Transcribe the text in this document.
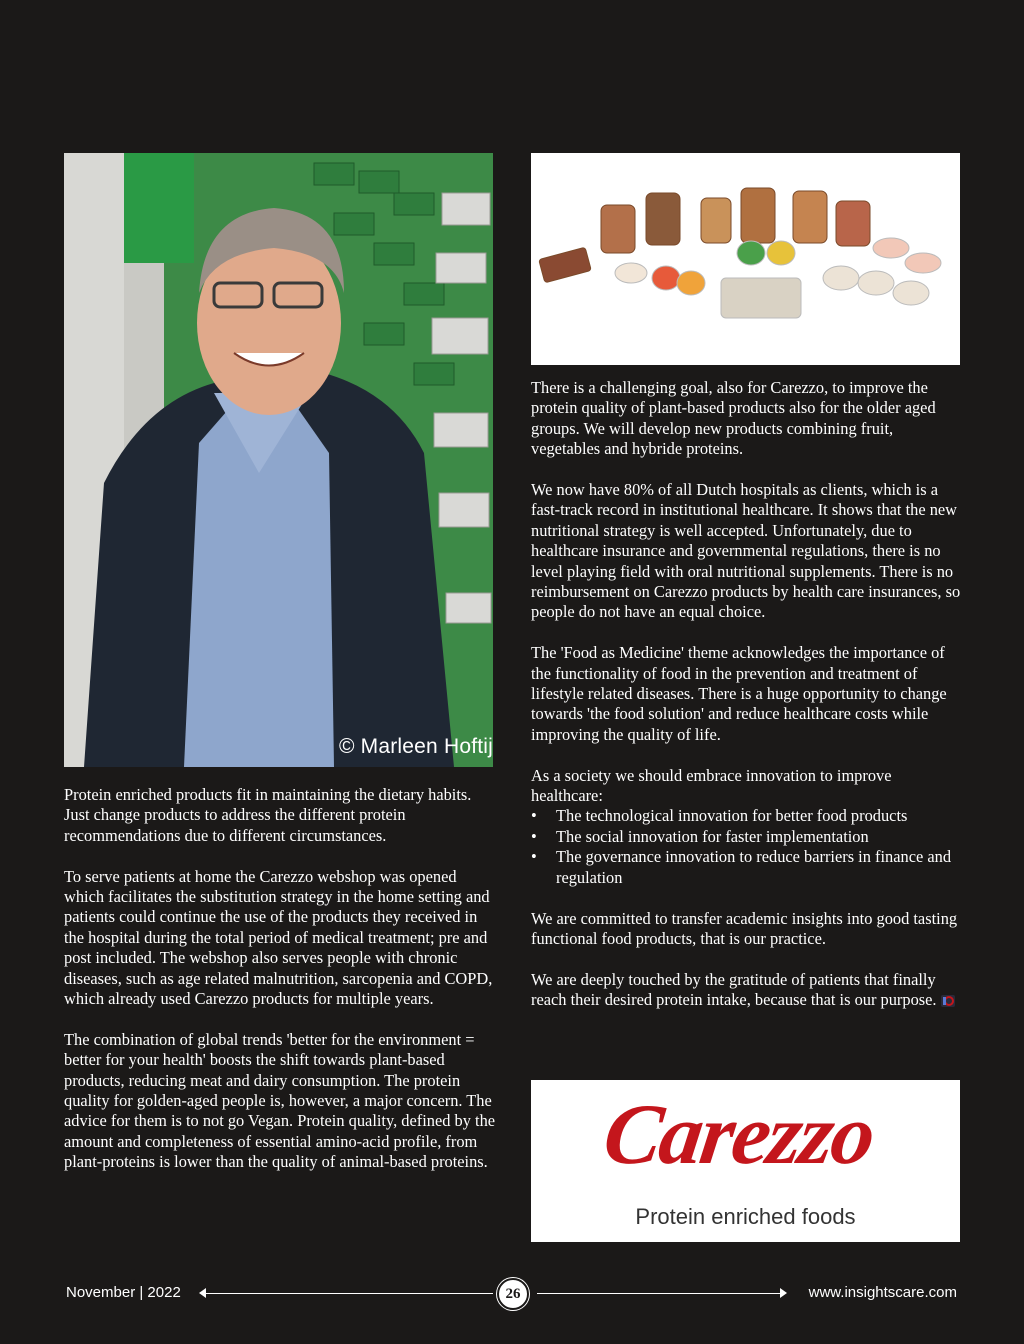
© Marleen Hoftij

Protein enriched products fit in maintaining the dietary habits. Just change products to address the different protein recommendations due to different circumstances.

To serve patients at home the Carezzo webshop was opened which facilitates the substitution strategy in the home setting and patients could continue the use of the products they received in the hospital during the total period of medical treatment; pre and post included. The webshop also serves people with chronic diseases, such as age related malnutrition, sarcopenia and COPD, which already used Carezzo products for multiple years.

The combination of global trends 'better for the environment = better for your health' boosts the shift towards plant-based products, reducing meat and dairy consumption. The protein quality for golden-aged people is, however, a major concern. The advice for them is to not go Vegan. Protein quality, defined by the amount and completeness of essential amino-acid profile, from plant-proteins is lower than the quality of animal-based proteins.

There is a challenging goal, also for Carezzo, to improve the protein quality of plant-based products also for the older aged groups. We will develop new products combining fruit, vegetables and hybride proteins.

We now have 80% of all Dutch hospitals as clients, which is a fast-track record in institutional healthcare. It shows that the new nutritional strategy is well accepted. Unfortunately, due to healthcare insurance and governmental regulations, there is no level playing field with oral nutritional supplements. There is no reimbursement on Carezzo products by health care insurances, so people do not have an equal choice.

The 'Food as Medicine' theme acknowledges the importance of the functionality of food in the prevention and treatment of lifestyle related diseases. There is a huge opportunity to change towards 'the food solution' and reduce healthcare costs while improving the quality of life.

As a society we should embrace innovation to improve healthcare:

• The technological innovation for better food products
• The social innovation for faster implementation
• The governance innovation to reduce barriers in finance and regulation

We are committed to transfer academic insights into good tasting functional food products, that is our practice.

We are deeply touched by the gratitude of patients that finally reach their desired protein intake, because that is our purpose.

Carezzo
Protein enriched foods
November | 2022	26	www.insightscare.com
